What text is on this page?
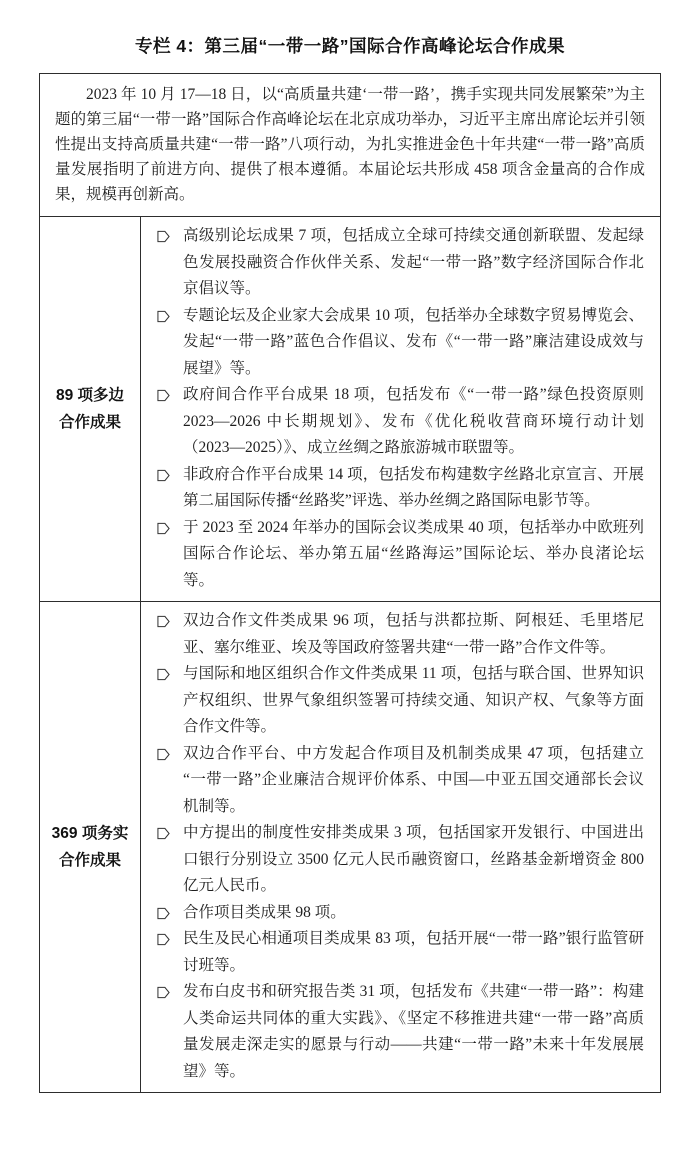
专栏 4：第三届“一带一路”国际合作高峰论坛合作成果

2023 年 10 月 17—18 日，以“高质量共建‘一带一路’，携手实现共同发展繁荣”为主题的第三届“一带一路”国际合作高峰论坛在北京成功举办，习近平主席出席论坛并引领性提出支持高质量共建“一带一路”八项行动，为扎实推进金色十年共建“一带一路”高质量发展指明了前进方向、提供了根本遵循。本届论坛共形成 458 项含金量高的合作成果，规模再创新高。

89 项多边
合作成果
高级别论坛成果 7 项，包括成立全球可持续交通创新联盟、发起绿色发展投融资合作伙伴关系、发起“一带一路”数字经济国际合作北京倡议等。
专题论坛及企业家大会成果 10 项，包括举办全球数字贸易博览会、发起“一带一路”蓝色合作倡议、发布《“一带一路”廉洁建设成效与展望》等。
政府间合作平台成果 18 项，包括发布《“一带一路”绿色投资原则 2023—2026 中长期规划》、发布《优化税收营商环境行动计划（2023—2025）》、成立丝绸之路旅游城市联盟等。
非政府合作平台成果 14 项，包括发布构建数字丝路北京宣言、开展第二届国际传播“丝路奖”评选、举办丝绸之路国际电影节等。
于 2023 至 2024 年举办的国际会议类成果 40 项，包括举办中欧班列国际合作论坛、举办第五届“丝路海运”国际论坛、举办良渚论坛等。
369 项务实
合作成果
双边合作文件类成果 96 项，包括与洪都拉斯、阿根廷、毛里塔尼亚、塞尔维亚、埃及等国政府签署共建“一带一路”合作文件等。
与国际和地区组织合作文件类成果 11 项，包括与联合国、世界知识产权组织、世界气象组织签署可持续交通、知识产权、气象等方面合作文件等。
双边合作平台、中方发起合作项目及机制类成果 47 项，包括建立“一带一路”企业廉洁合规评价体系、中国—中亚五国交通部长会议机制等。
中方提出的制度性安排类成果 3 项，包括国家开发银行、中国进出口银行分别设立 3500 亿元人民币融资窗口，丝路基金新增资金 800 亿元人民币。
合作项目类成果 98 项。
民生及民心相通项目类成果 83 项，包括开展“一带一路”银行监管研讨班等。
发布白皮书和研究报告类 31 项，包括发布《共建“一带一路”：构建人类命运共同体的重大实践》、《坚定不移推进共建“一带一路”高质量发展走深走实的愿景与行动——共建“一带一路”未来十年发展展望》等。
